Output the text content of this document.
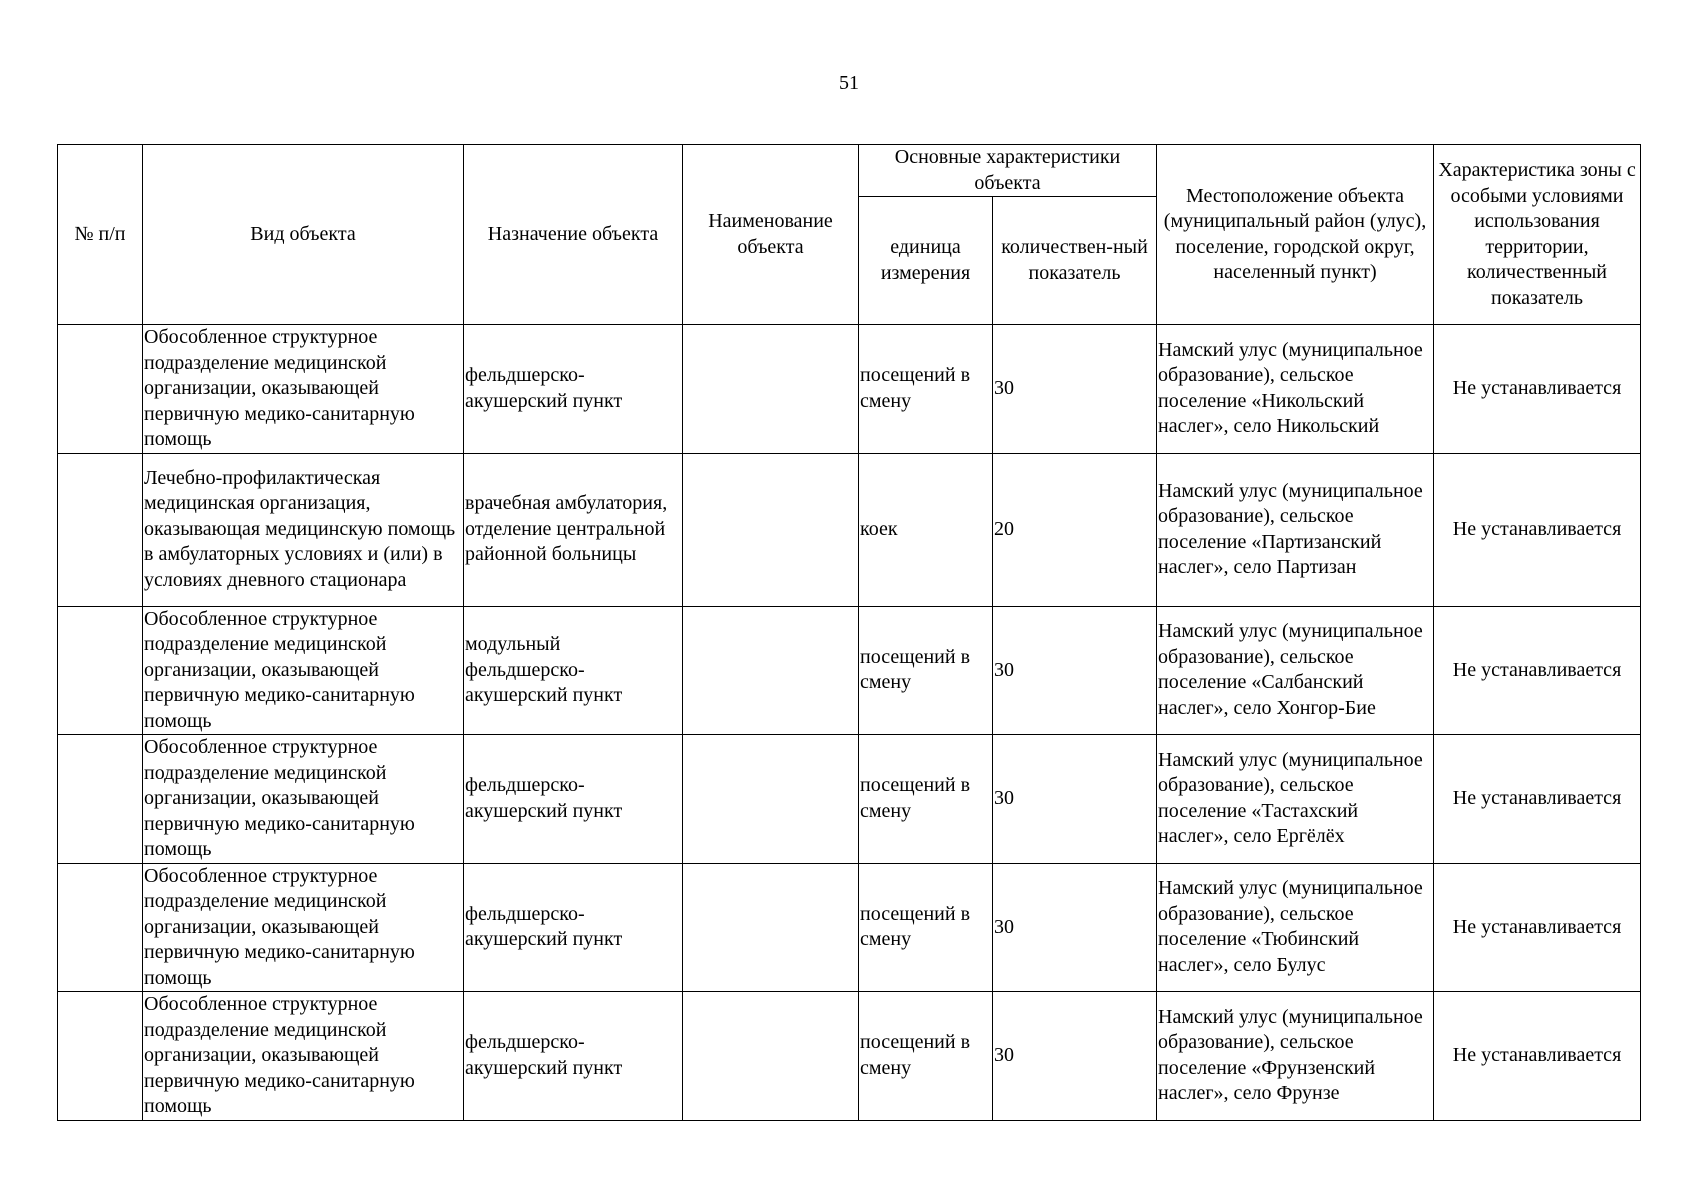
51
№ п/п	Вид объекта	Назначение объекта	Наименование объекта	Основные характеристики объекта		Местоположение объекта (муниципальный район (улус), поселение, городской округ, населенный пункт)	Характеристика зоны с особыми условиями использования территории, количественный показатель
				единица измерения	количествен-ный показатель		
	Обособленное структурное подразделение медицинской организации, оказывающей первичную медико-санитарную помощь	фельдшерско-акушерский пункт		посещений в смену	30	Намский улус (муниципальное образование), сельское поселение «Никольский наслег», село Никольский	Не устанавливается
	Лечебно-профилактическая медицинская организация, оказывающая медицинскую помощь в амбулаторных условиях и (или) в условиях дневного стационара	врачебная амбулатория, отделение центральной районной больницы		коек	20	Намский улус (муниципальное образование), сельское поселение «Партизанский наслег», село Партизан	Не устанавливается
	Обособленное структурное подразделение медицинской организации, оказывающей первичную медико-санитарную помощь	модульный фельдшерско-акушерский пункт		посещений в смену	30	Намский улус (муниципальное образование), сельское поселение «Салбанский наслег», село Хонгор-Бие	Не устанавливается
	Обособленное структурное подразделение медицинской организации, оказывающей первичную медико-санитарную помощь	фельдшерско-акушерский пункт		посещений в смену	30	Намский улус (муниципальное образование), сельское поселение «Тастахский наслег», село Ергёлёх	Не устанавливается
	Обособленное структурное подразделение медицинской организации, оказывающей первичную медико-санитарную помощь	фельдшерско-акушерский пункт		посещений в смену	30	Намский улус (муниципальное образование), сельское поселение «Тюбинский наслег», село Булус	Не устанавливается
	Обособленное структурное подразделение медицинской организации, оказывающей первичную медико-санитарную помощь	фельдшерско-акушерский пункт		посещений в смену	30	Намский улус (муниципальное образование), сельское поселение «Фрунзенский наслег», село Фрунзе	Не устанавливается
